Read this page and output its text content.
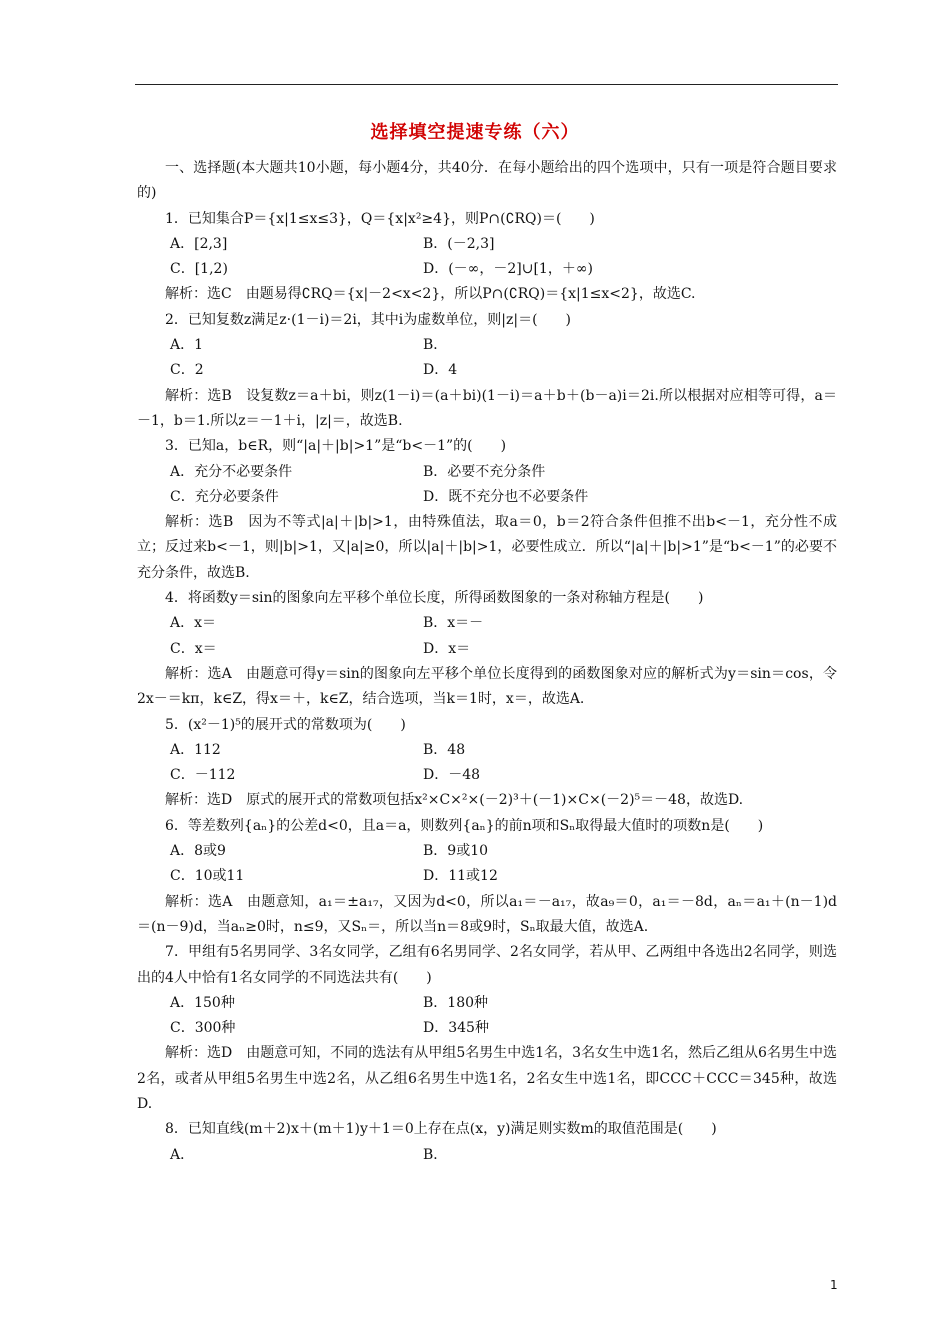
选择填空提速专练（六）

一、选择题(本大题共10小题，每小题4分，共40分．在每小题给出的四个选项中，只有一项是符合题目要求的)

1．已知集合P＝{x|1≤x≤3}，Q＝{x|x²≥4}，则P∩(∁RQ)＝(　　)

A．[2,3]	B．(－2,3]
C．[1,2)	D．(－∞，－2]∪[1，＋∞)

解析：选C　由题易得∁RQ＝{x|－2<x<2}，所以P∩(∁RQ)＝{x|1≤x<2}，故选C.

2．已知复数z满足z·(1－i)＝2i，其中i为虚数单位，则|z|＝(　　)

A．1	B．
C．2	D．4

解析：选B　设复数z＝a＋bi，则z(1－i)＝(a＋bi)(1－i)＝a＋b＋(b－a)i＝2i.所以根据对应相等可得，a＝－1，b＝1.所以z＝－1＋i，|z|＝，故选B.

3．已知a，b∈R，则“|a|＋|b|>1”是“b<－1”的(　　)

A．充分不必要条件	B．必要不充分条件
C．充分必要条件	D．既不充分也不必要条件

解析：选B　因为不等式|a|＋|b|>1，由特殊值法，取a＝0，b＝2符合条件但推不出b<－1，充分性不成立；反过来b<－1，则|b|>1，又|a|≥0，所以|a|＋|b|>1，必要性成立．所以“|a|＋|b|>1”是“b<－1”的必要不充分条件，故选B.

4．将函数y＝sin的图象向左平移个单位长度，所得函数图象的一条对称轴方程是(　　)

A．x＝	B．x＝－
C．x＝	D．x＝

解析：选A　由题意可得y＝sin的图象向左平移个单位长度得到的函数图象对应的解析式为y＝sin＝cos，令2x－＝kπ，k∈Z，得x＝＋，k∈Z，结合选项，当k＝1时，x＝，故选A.

5．(x²－1)⁵的展开式的常数项为(　　)

A．112	B．48
C．－112	D．－48

解析：选D　原式的展开式的常数项包括x²×C×²×(－2)³＋(－1)×C×(－2)⁵＝－48，故选D.

6．等差数列{aₙ}的公差d<0，且a＝a，则数列{aₙ}的前n项和Sₙ取得最大值时的项数n是(　　)

A．8或9	B．9或10
C．10或11	D．11或12

解析：选A　由题意知，a₁＝±a₁₇，又因为d<0，所以a₁＝－a₁₇，故a₉＝0，a₁＝－8d，aₙ＝a₁＋(n－1)d＝(n－9)d，当aₙ≥0时，n≤9，又Sₙ＝，所以当n＝8或9时，Sₙ取最大值，故选A.

7．甲组有5名男同学、3名女同学，乙组有6名男同学、2名女同学，若从甲、乙两组中各选出2名同学，则选出的4人中恰有1名女同学的不同选法共有(　　)

A．150种	B．180种
C．300种	D．345种

解析：选D　由题意可知，不同的选法有从甲组5名男生中选1名，3名女生中选1名，然后乙组从6名男生中选2名，或者从甲组5名男生中选2名，从乙组6名男生中选1名，2名女生中选1名，即CCC＋CCC＝345种，故选D.

8．已知直线(m＋2)x＋(m＋1)y＋1＝0上存在点(x，y)满足则实数m的取值范围是(　　)

A．	B．
1
